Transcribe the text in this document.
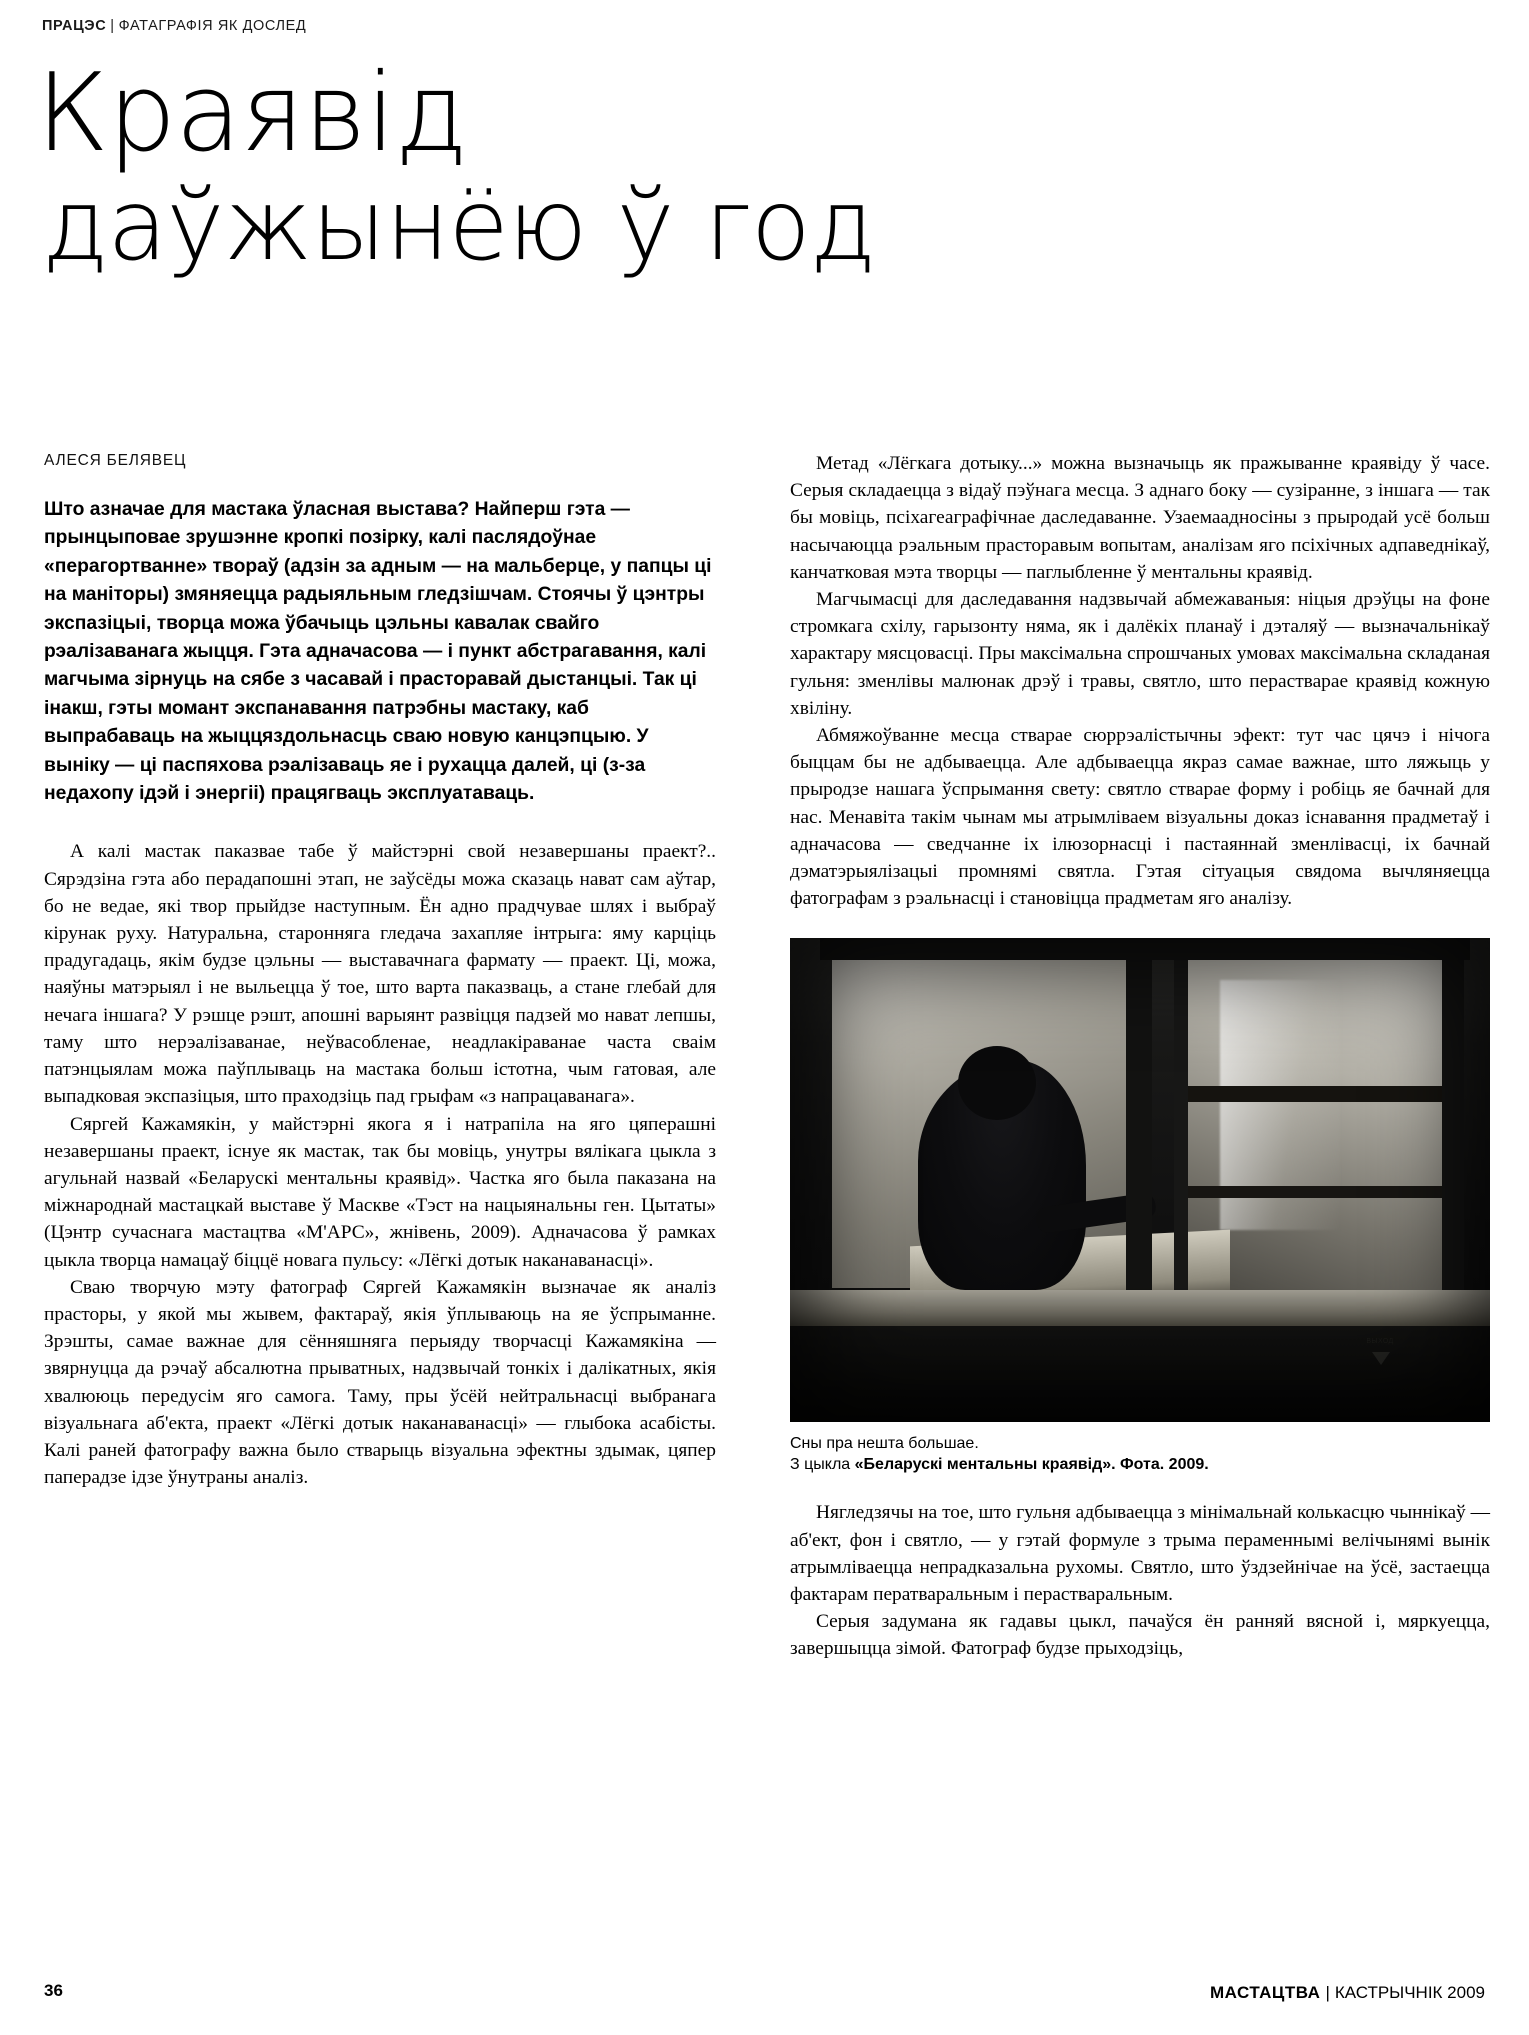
ПРАЦЭС | ФАТАГРАФІЯ ЯК ДОСЛЕД
Краявід
даўжынёю ў год
АЛЕСЯ БЕЛЯВЕЦ
Што азначае для мастака ўласная выстава? Найперш гэта — прынцыповае зрушэнне кропкі позірку, калі паслядоўнае «перагортванне» твораў (адзін за адным — на мальберце, у папцы ці на маніторы) змяняецца радыяльным гледзішчам. Стоячы ў цэнтры экспазіцыі, творца можа ўбачыць цэльны кавалак свайго рэалізаванага жыцця. Гэта адначасова — і пункт абстрагавання, калі магчыма зірнуць на сябе з часавай і прасторавай дыстанцыі. Так ці інакш, гэты момант экспанавання патрэбны мастаку, каб выпрабаваць на жыццяздольнасць сваю новую канцэпцыю. У выніку — ці паспяхова рэалізаваць яе і рухацца далей, ці (з-за недахопу ідэй і энергіі) працягваць эксплуатаваць.

А калі мастак паказвае табе ў майстэрні свой незавершаны праект?.. Сярэдзіна гэта або перадапошні этап, не заўсёды можа сказаць нават сам аўтар, бо не ведае, які твор прыйдзе наступным. Ён адно прадчувае шлях і выбраў кірунак руху. Натуральна, старонняга гледача захапляе інтрыга: яму карціць прадугадаць, якім будзе цэльны — выставачнага фармату — праект. Ці, можа, наяўны матэрыял і не выльецца ў тое, што варта паказваць, а стане глебай для нечага іншага? У рэшце рэшт, апошні варыянт развіцця падзей мо нават лепшы, таму што нерэалізаванае, неўвасобленае, неадлакіраванае часта сваім патэнцыялам можа паўплываць на мастака больш істотна, чым гатовая, але выпадковая экспазіцыя, што праходзіць пад грыфам «з напрацаванага».

Сяргей Кажамякін, у майстэрні якога я і натрапіла на яго цяперашні незавершаны праект, існуе як мастак, так бы мовіць, унутры вялікага цыкла з агульнай назвай «Беларускі ментальны краявід». Частка яго была паказана на міжнароднай мастацкай выставе ў Маскве «Тэст на нацыянальны ген. Цытаты» (Цэнтр сучаснага мастацтва «М'АРС», жнівень, 2009). Адначасова ў рамках цыкла творца намацаў біццё новага пульсу: «Лёгкі дотык наканаванасці».

Сваю творчую мэту фатограф Сяргей Кажамякін вызначае як аналіз прасторы, у якой мы жывем, фактараў, якія ўплываюць на яе ўспрыманне. Зрэшты, самае важнае для сённяшняга перыяду творчасці Кажамякіна — звярнуцца да рэчаў абсалютна прыватных, надзвычай тонкіх і далікатных, якія хвалююць передусім яго самога. Таму, пры ўсёй нейтральнасці выбранага візуальнага аб'екта, праект «Лёгкі дотык наканаванасці» — глыбока асабісты. Калі раней фатографу важна было стварыць візуальна эфектны здымак, цяпер паперадзе ідзе ўнутраны аналіз.

Метад «Лёгкага дотыку...» можна вызначыць як пражыванне краявіду ў часе. Серыя складаецца з відаў пэўнага месца. З аднаго боку — сузіранне, з іншага — так бы мовіць, псіхагеаграфічнае даследаванне. Узаемаадносіны з прыродай усё больш насычаюцца рэальным прасторавым вопытам, аналізам яго псіхічных адпаведнікаў, канчатковая мэта творцы — паглыбленне ў ментальны краявід.

Магчымасці для даследавання надзвычай абмежаваныя: ніцыя дрэўцы на фоне стромкага схілу, гарызонту няма, як і далёкіх планаў і дэталяў — вызначальнікаў характару мясцовасці. Пры максімальна спрошчаных умовах максімальна складаная гульня: зменлівы малюнак дрэў і травы, святло, што перастварае краявід кожную хвіліну.

Абмяжоўванне месца стварае сюррэалістычны эфект: тут час цячэ і нічога быццам бы не адбываецца. Але адбываецца якраз самае важнае, што ляжыць у прыродзе нашага ўспрымання свету: святло стварае форму і робіць яе бачнай для нас. Менавіта такім чынам мы атрымліваем візуальны доказ існавання прадметаў і адначасова — сведчанне іх ілюзорнасці і пастаяннай зменлівасці, іх бачнай дэматэрыялізацыі промнямі святла. Гэтая сітуацыя свядома вычляняецца фатографам з рэальнасці і становіцца прадметам яго аналізу.

ВЫХОД
Сны пра нешта большае.
З цыкла «Беларускі ментальны краявід». Фота. 2009.

Нягледзячы на тое, што гульня адбываецца з мінімальнай колькасцю чыннікаў — аб'ект, фон і святло, — у гэтай формуле з трыма пераменнымі велічынямі вынік атрымліваецца непрадказальна рухомы. Святло, што ўздзейнічае на ўсё, застаецца фактарам ператваральным і перастваральным.

Серыя задумана як гадавы цыкл, пачаўся ён ранняй вясной і, мяркуецца, завершыцца зімой. Фатограф будзе прыходзіць,

36	МАСТАЦТВА | КАСТРЫЧНІК 2009
